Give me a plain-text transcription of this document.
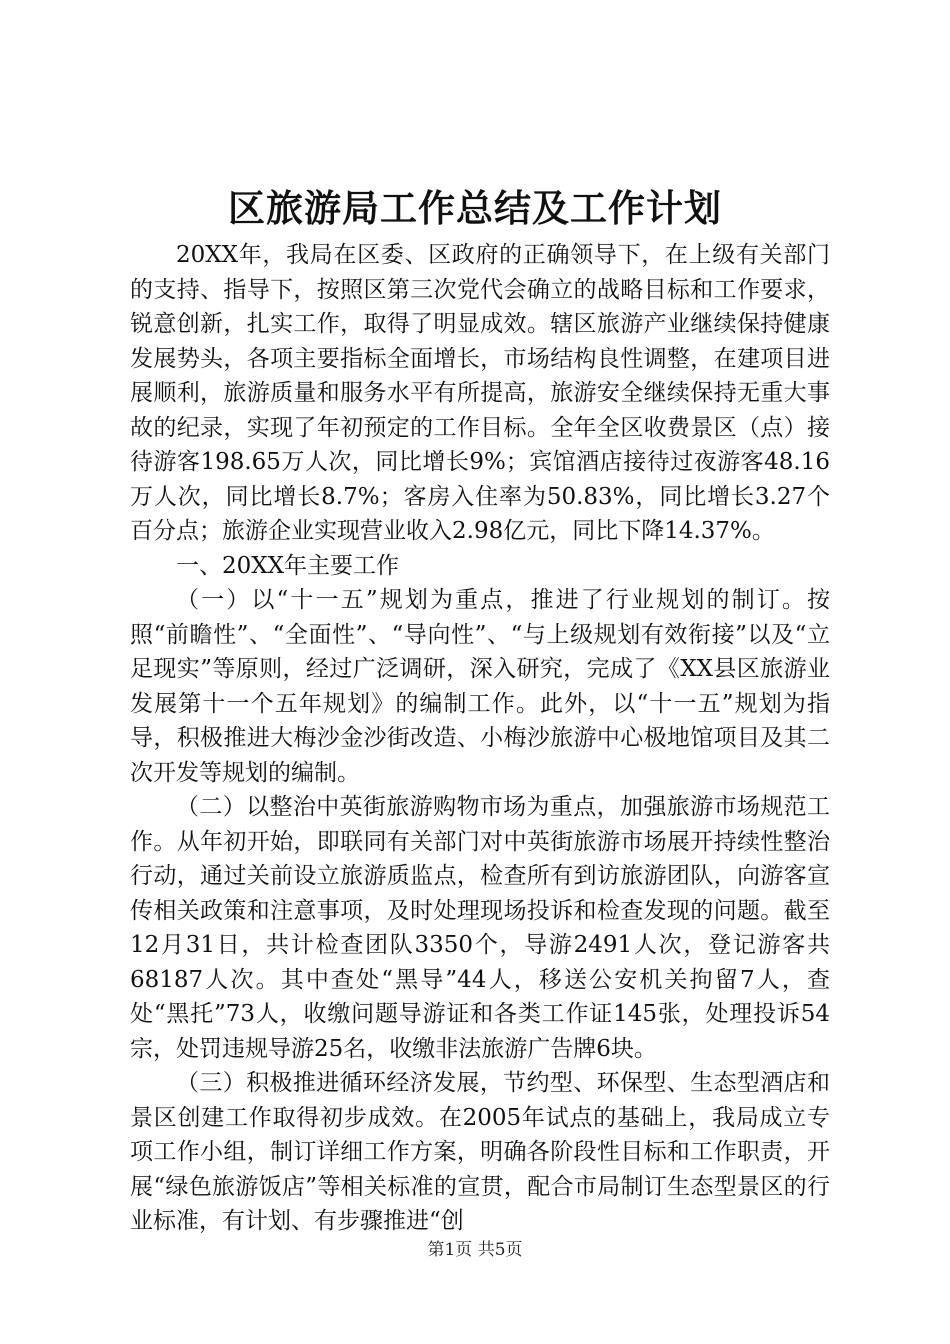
区旅游局工作总结及工作计划

20XX年，我局在区委、区政府的正确领导下，在上级有关部门的支持、指导下，按照区第三次党代会确立的战略目标和工作要求，锐意创新，扎实工作，取得了明显成效。辖区旅游产业继续保持健康发展势头，各项主要指标全面增长，市场结构良性调整，在建项目进展顺利，旅游质量和服务水平有所提高，旅游安全继续保持无重大事故的纪录，实现了年初预定的工作目标。全年全区收费景区（点）接待游客198.65万人次，同比增长9%；宾馆酒店接待过夜游客48.16万人次，同比增长8.7%；客房入住率为50.83%，同比增长3.27个百分点；旅游企业实现营业收入2.98亿元，同比下降14.37%。

一、20XX年主要工作

（一）以“十一五”规划为重点，推进了行业规划的制订。按照“前瞻性”、“全面性”、“导向性”、“与上级规划有效衔接”以及“立足现实”等原则，经过广泛调研，深入研究，完成了《XX县区旅游业发展第十一个五年规划》的编制工作。此外，以“十一五”规划为指导，积极推进大梅沙金沙街改造、小梅沙旅游中心极地馆项目及其二次开发等规划的编制。

（二）以整治中英街旅游购物市场为重点，加强旅游市场规范工作。从年初开始，即联同有关部门对中英街旅游市场展开持续性整治行动，通过关前设立旅游质监点，检查所有到访旅游团队，向游客宣传相关政策和注意事项，及时处理现场投诉和检查发现的问题。截至12月31日，共计检查团队3350个，导游2491人次，登记游客共68187人次。其中查处“黑导”44人，移送公安机关拘留7人，查处“黑托”73人，收缴问题导游证和各类工作证145张，处理投诉54宗，处罚违规导游25名，收缴非法旅游广告牌6块。

（三）积极推进循环经济发展，节约型、环保型、生态型酒店和景区创建工作取得初步成效。在2005年试点的基础上，我局成立专项工作小组，制订详细工作方案，明确各阶段性目标和工作职责，开展“绿色旅游饭店”等相关标准的宣贯，配合市局制订生态型景区的行业标准，有计划、有步骤推进“创

第1页 共5页
